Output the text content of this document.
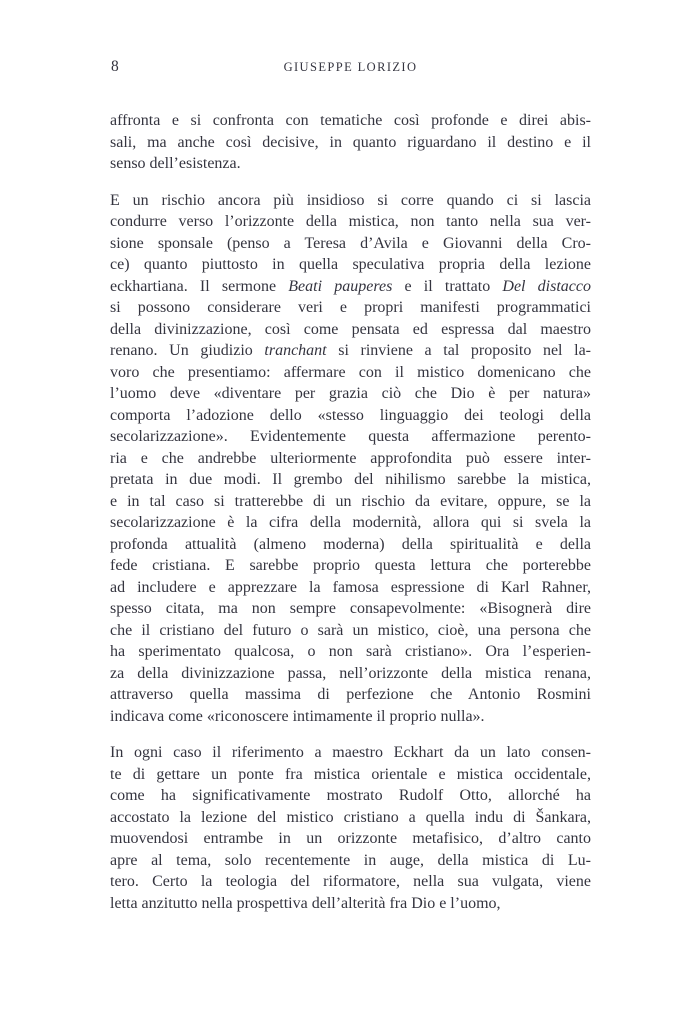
8	GIUSEPPE LORIZIO
affronta e si confronta con tematiche così profonde e direi abis-
sali, ma anche così decisive, in quanto riguardano il destino e il
senso dell’esistenza.
E un rischio ancora più insidioso si corre quando ci si lascia
condurre verso l’orizzonte della mistica, non tanto nella sua ver-
sione sponsale (penso a Teresa d’Avila e Giovanni della Cro-
ce) quanto piuttosto in quella speculativa propria della lezione
eckhartiana. Il sermone Beati pauperes e il trattato Del distacco
si possono considerare veri e propri manifesti programmatici
della divinizzazione, così come pensata ed espressa dal maestro
renano. Un giudizio tranchant si rinviene a tal proposito nel la-
voro che presentiamo: affermare con il mistico domenicano che
l’uomo deve «diventare per grazia ciò che Dio è per natura»
comporta l’adozione dello «stesso linguaggio dei teologi della
secolarizzazione». Evidentemente questa affermazione perento-
ria e che andrebbe ulteriormente approfondita può essere inter-
pretata in due modi. Il grembo del nihilismo sarebbe la mistica,
e in tal caso si tratterebbe di un rischio da evitare, oppure, se la
secolarizzazione è la cifra della modernità, allora qui si svela la
profonda attualità (almeno moderna) della spiritualità e della
fede cristiana. E sarebbe proprio questa lettura che porterebbe
ad includere e apprezzare la famosa espressione di Karl Rahner,
spesso citata, ma non sempre consapevolmente: «Bisognerà dire
che il cristiano del futuro o sarà un mistico, cioè, una persona che
ha sperimentato qualcosa, o non sarà cristiano». Ora l’esperien-
za della divinizzazione passa, nell’orizzonte della mistica renana,
attraverso quella massima di perfezione che Antonio Rosmini
indicava come «riconoscere intimamente il proprio nulla».
In ogni caso il riferimento a maestro Eckhart da un lato consen-
te di gettare un ponte fra mistica orientale e mistica occidentale,
come ha significativamente mostrato Rudolf Otto, allorché ha
accostato la lezione del mistico cristiano a quella indu di Šankara,
muovendosi entrambe in un orizzonte metafisico, d’altro canto
apre al tema, solo recentemente in auge, della mistica di Lu-
tero. Certo la teologia del riformatore, nella sua vulgata, viene
letta anzitutto nella prospettiva dell’alterità fra Dio e l’uomo,
